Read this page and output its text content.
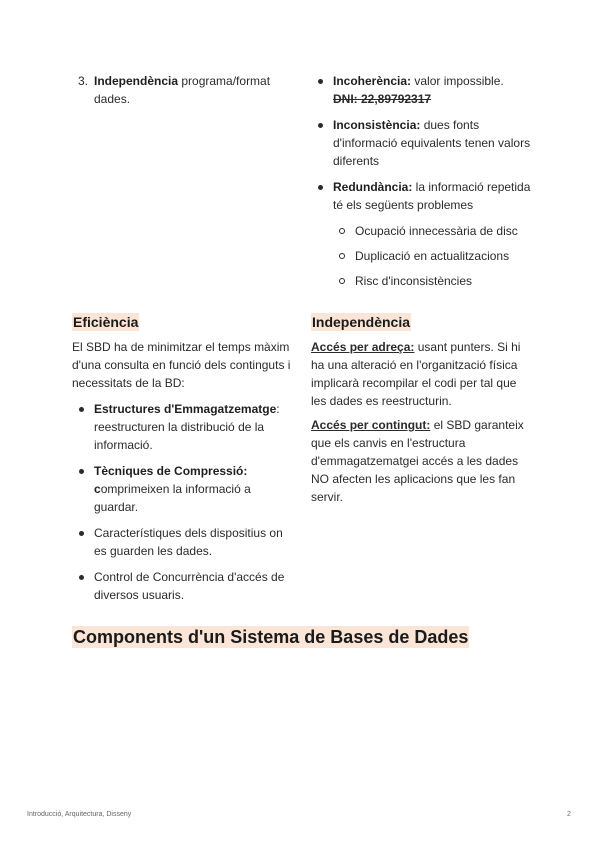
3. Independència programa/format dades.
Incoherència: valor impossible.
DNI: 22,89792317
Inconsistència: dues fonts d'informació equivalents tenen valors diferents
Redundància: la informació repetida té els següents problemes
Ocupació innecessària de disc
Duplicació en actualitzacions
Risc d'inconsistències
Eficiència

El SBD ha de minimitzar el temps màxim d'una consulta en funció dels continguts i necessitats de la BD:

Estructures d'Emmagatzematge: reestructuren la distribució de la informació.
Tècniques de Compressió:
comprimeixen la informació a guardar.
Característiques dels dispositius on es guarden les dades.
Control de Concurrència d'accés de diversos usuaris.
Independència

Accés per adreça: usant punters. Si hi ha una alteració en l'organització física implicarà recompilar el codi per tal que les dades es reestructurin.

Accés per contingut: el SBD garanteix que els canvis en l'estructura d'emmagatzematgei accés a les dades NO afecten les aplicacions que les fan servir.

Components d'un Sistema de Bases de Dades
Introducció, Arquitectura, Disseny	2
